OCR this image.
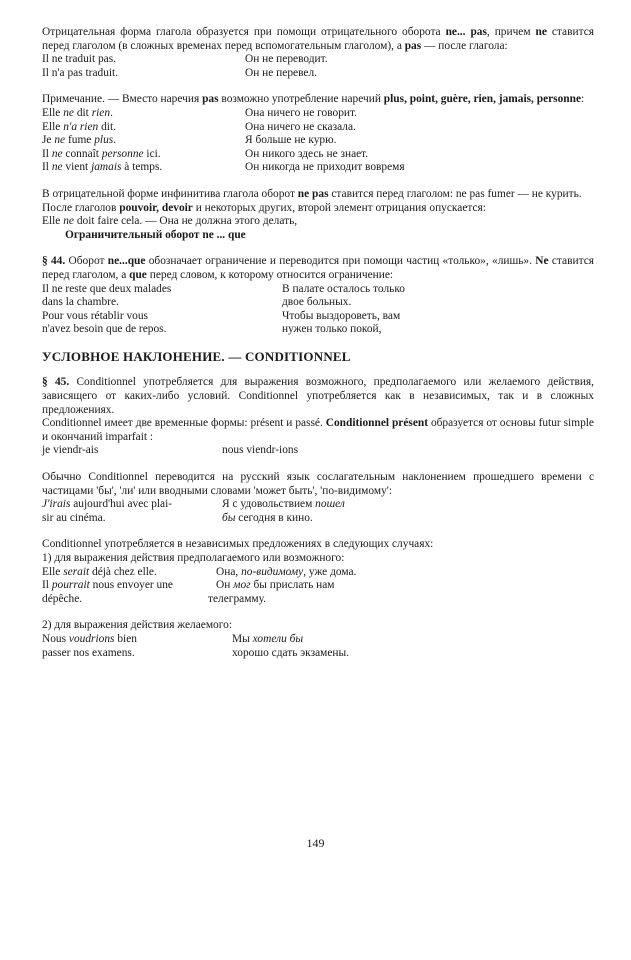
Отрицательная форма глагола образуется при помощи отрицательного оборота ne... pas, причем ne ставится перед глаголом (в сложных временах перед вспомогательным глаголом), а pas — после глагола:

Il ne traduit pas.	Он не переводит.
Il n'a pas traduit.	Он не перевел.

Примечание. — Вместо наречия pas возможно употребление наречий plus, point, guère, rien, jamais, personne:

Elle ne dit rien.	Она ничего не говорит.
Elle n'a rien dit.	Она ничего не сказала.
Je ne fume plus.	Я больше не курю.
Il ne connaît personne ici.	Он никого здесь не знает.
Il ne vient jamais à temps.	Он никогда не приходит вовремя

В отрицательной форме инфинитива глагола оборот ne pas ставится перед глаголом: ne pas fumer — не курить.

После глаголов pouvoir, devoir и некоторых других, второй элемент отрицания опускается:

Elle ne doit faire cela. — Она не должна этого делать,

Ограничительный оборот ne ... que

§ 44. Оборот ne...que обозначает ограничение и переводится при помощи частиц «только», «лишь». Ne ставится перед глаголом, а que перед словом, к которому относится ограничение:

Il ne reste que deux malades	В палате осталось только
dans la chambre.	двое больных.
Pour vous rétablir vous	Чтобы выздороветь, вам
n'avez besoin que de repos.	нужен только покой,
УСЛОВНОЕ НАКЛОНЕНИЕ. — CONDITIONNEL

§ 45. Conditionnel употребляется для выражения возможного, предполагаемого или желаемого действия, зависящего от каких-либо условий. Conditionnel употребляется как в независимых, так и в сложных предложениях.

Conditionnel имеет две временные формы: présent и passé. Conditionnel présent образуется от основы futur simple и окончаний imparfait :

je viendr-ais	nous viendr-ions

Обычно Conditionnel переводится на русский язык сослагательным наклонением прошедшего времени с частицами 'бы', 'ли' или вводными словами 'может быть', 'по-видимому':

J'irais aujourd'hui avec plai-	Я с удовольствием пошел
sir au cinéma.	бы сегодня в кино.

Conditionnel употребляется в независимых предложениях в следующих случаях:

1) для выражения действия предполагаемого или возможного:

Elle serait déjà chez elle.	Она, по-видимому, уже дома.
Il pourrait nous envoyer une	Он мог бы прислать нам
dépêche.	телеграмму.

2) для выражения действия желаемого:

Nous voudrions bien	Мы хотели бы
passer nos examens.	хорошо сдать экзамены.
149
